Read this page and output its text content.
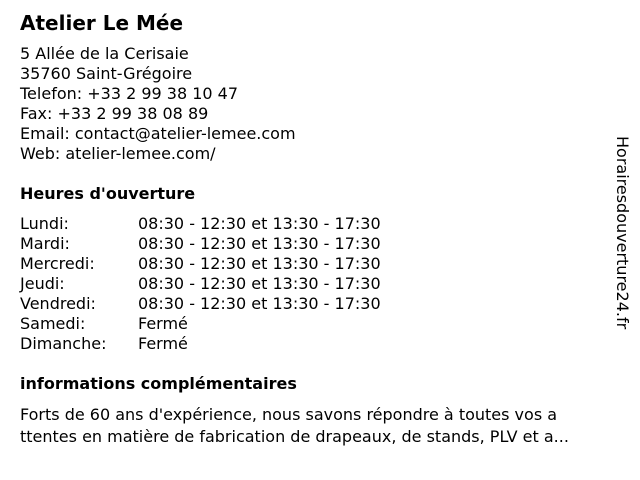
Atelier Le Mée
5 Allée de la Cerisaie
35760 Saint-Grégoire
Telefon: +33 2 99 38 10 47
Fax: +33 2 99 38 08 89
Email: contact@atelier-lemee.com
Web: atelier-lemee.com/
Heures d'ouverture
Lundi:	08:30 - 12:30 et 13:30 - 17:30
Mardi:	08:30 - 12:30 et 13:30 - 17:30
Mercredi:	08:30 - 12:30 et 13:30 - 17:30
Jeudi:	08:30 - 12:30 et 13:30 - 17:30
Vendredi:	08:30 - 12:30 et 13:30 - 17:30
Samedi:	Fermé
Dimanche: Fermé
informations complémentaires
Forts de 60 ans d'expérience, nous savons répondre à toutes vos a
ttentes en matière de fabrication de drapeaux, de stands, PLV et a...
Horairesdouverture24.fr
